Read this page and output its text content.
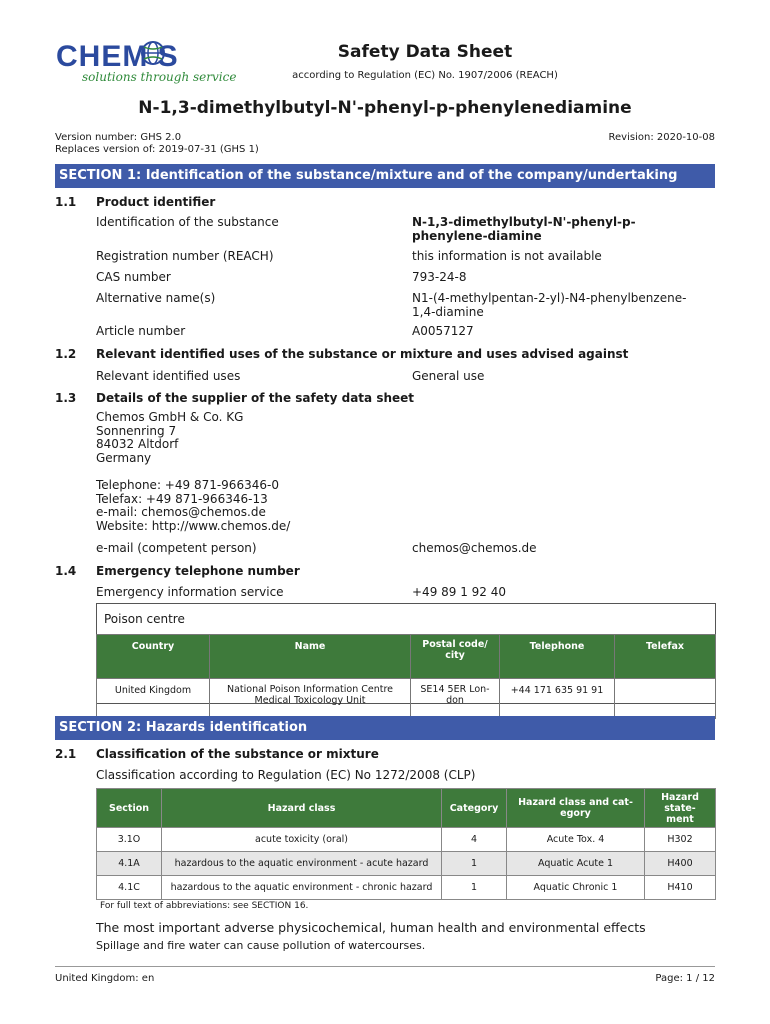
CHEM S
solutions through service
Safety Data Sheet
according to Regulation (EC) No. 1907/2006 (REACH)
N-1,3-dimethylbutyl-N'-phenyl-p-phenylenediamine
Version number: GHS 2.0
Replaces version of: 2019-07-31 (GHS 1)
Revision: 2020-10-08
SECTION 1: Identification of the substance/mixture and of the company/undertaking
1.1 Product identifier
Identification of the substance	N-1,3-dimethylbutyl-N'-phenyl-p-phenylene-diamine
Registration number (REACH)	this information is not available
CAS number	793-24-8
Alternative name(s)	N1-(4-methylpentan-2-yl)-N4-phenylbenzene-1,4-diamine
Article number	A0057127
1.2 Relevant identified uses of the substance or mixture and uses advised against
Relevant identified uses	General use
1.3 Details of the supplier of the safety data sheet
Chemos GmbH & Co. KG
Sonnenring 7
84032 Altdorf
Germany
Telephone: +49 871-966346-0
Telefax: +49 871-966346-13
e-mail: chemos@chemos.de
Website: http://www.chemos.de/
e-mail (competent person)	chemos@chemos.de
1.4 Emergency telephone number
Emergency information service	+49 89 1 92 40
Poison centre
Country	Name	Postal code/ city	Telephone	Telefax
United Kingdom	National Poison Information Centre Medical Toxicology Unit	SE14 5ER Lon-don	+44 171 635 91 91	
SECTION 2: Hazards identification
2.1 Classification of the substance or mixture
Classification according to Regulation (EC) No 1272/2008 (CLP)
Section	Hazard class	Category	Hazard class and cat-egory	Hazard state-ment
3.1O	acute toxicity (oral)	4	Acute Tox. 4	H302
4.1A	hazardous to the aquatic environment - acute hazard	1	Aquatic Acute 1	H400
4.1C	hazardous to the aquatic environment - chronic hazard	1	Aquatic Chronic 1	H410
For full text of abbreviations: see SECTION 16.
The most important adverse physicochemical, human health and environmental effects
Spillage and fire water can cause pollution of watercourses.
United Kingdom: en	Page: 1 / 12
